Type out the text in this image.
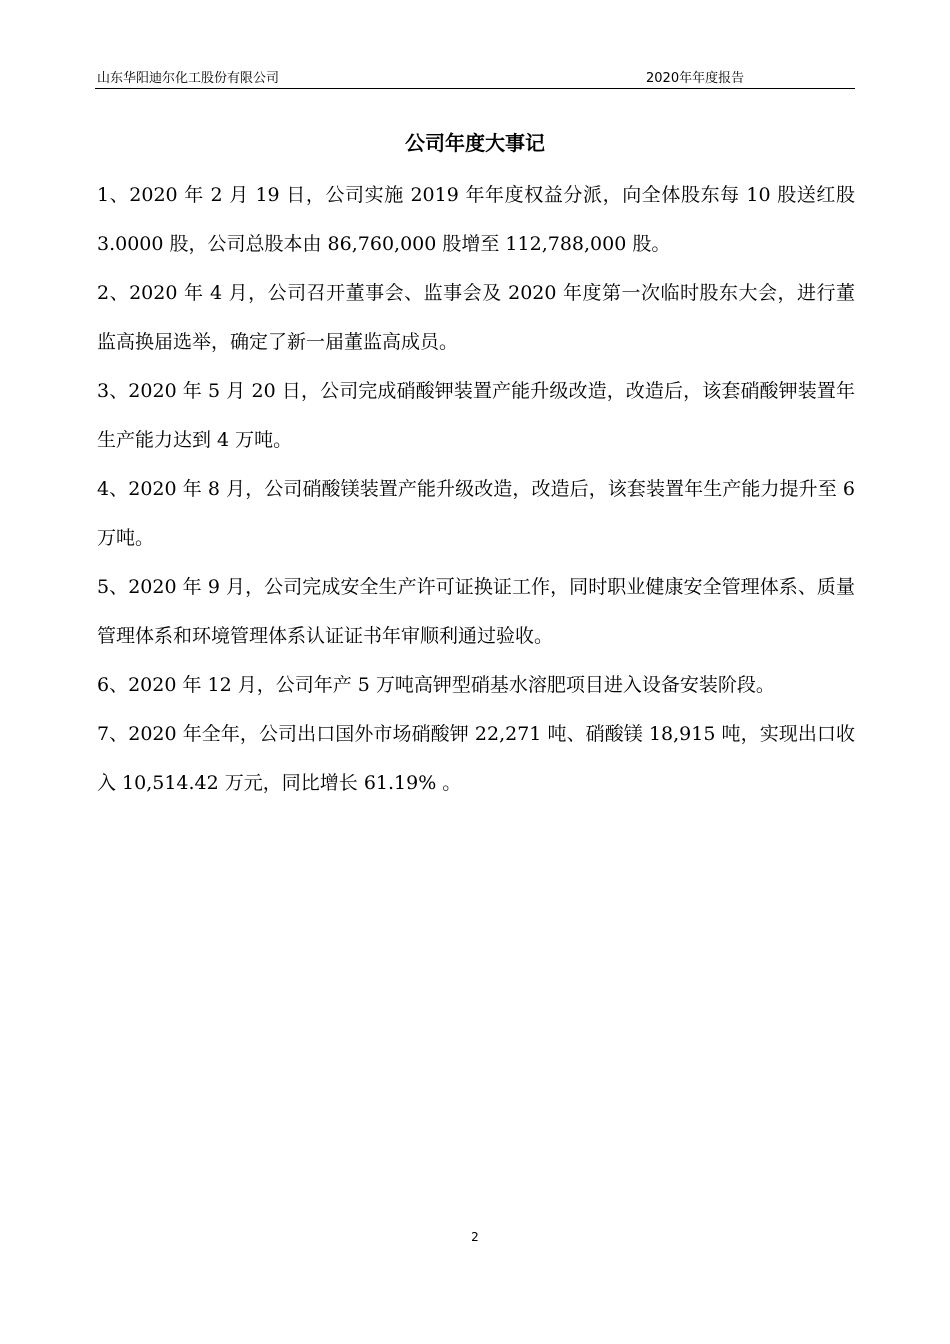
山东华阳迪尔化工股份有限公司	2020年年度报告
公司年度大事记

1、2020 年 2 月 19 日，公司实施 2019 年年度权益分派，向全体股东每 10 股送红股 3.0000 股，公司总股本由 86,760,000 股增至 112,788,000 股。

2、2020 年 4 月，公司召开董事会、监事会及 2020 年度第一次临时股东大会，进行董监高换届选举，确定了新一届董监高成员。

3、2020 年 5 月 20 日，公司完成硝酸钾装置产能升级改造，改造后，该套硝酸钾装置年生产能力达到 4 万吨。

4、2020 年 8 月，公司硝酸镁装置产能升级改造，改造后，该套装置年生产能力提升至 6 万吨。

5、2020 年 9 月，公司完成安全生产许可证换证工作，同时职业健康安全管理体系、质量管理体系和环境管理体系认证证书年审顺利通过验收。

6、2020 年 12 月，公司年产 5 万吨高钾型硝基水溶肥项目进入设备安装阶段。

7、2020 年全年，公司出口国外市场硝酸钾 22,271 吨、硝酸镁 18,915 吨，实现出口收入 10,514.42 万元，同比增长 61.19% 。

2
